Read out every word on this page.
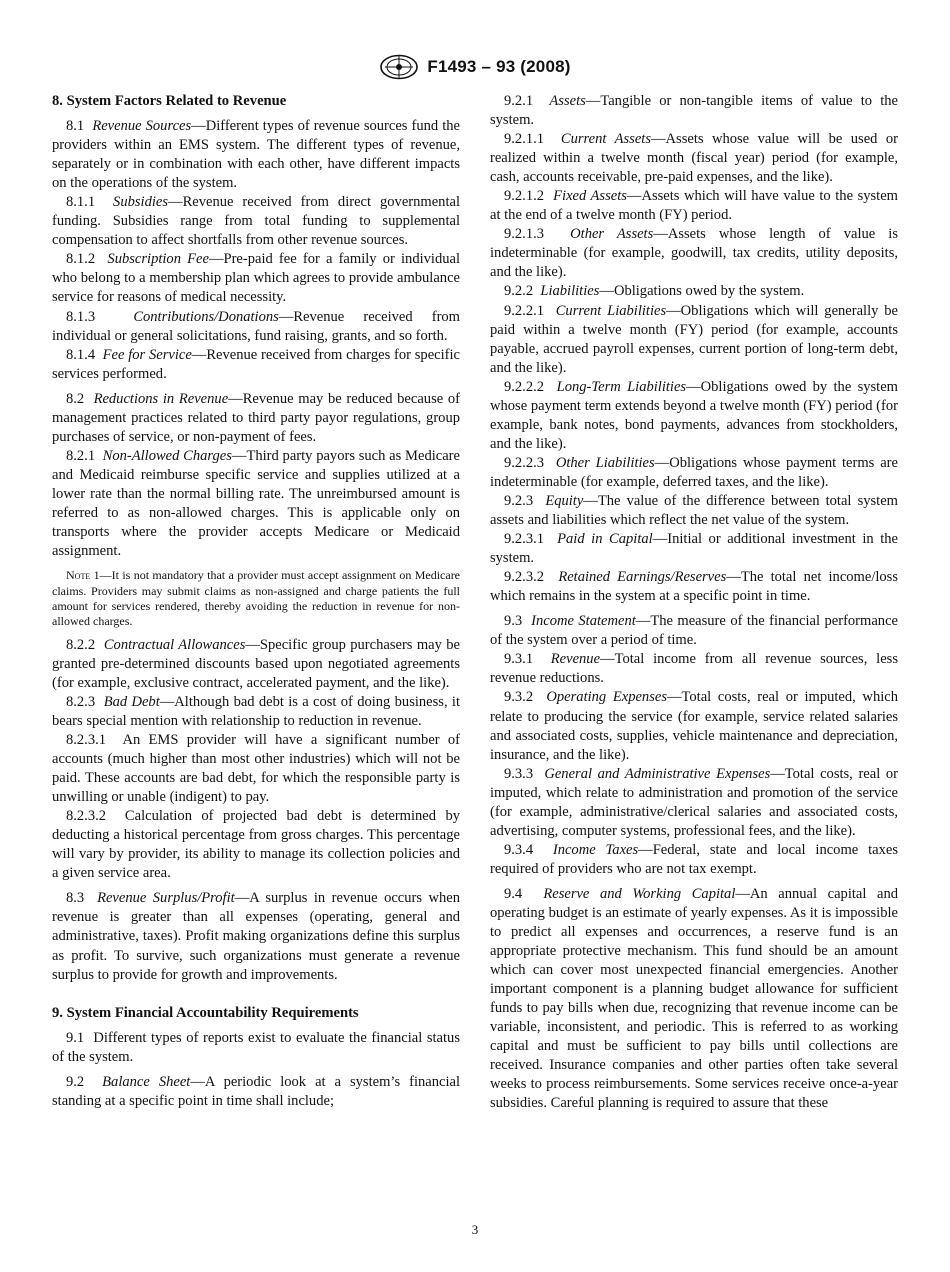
F1493 – 93 (2008)
8. System Factors Related to Revenue

8.1 Revenue Sources—Different types of revenue sources fund the providers within an EMS system. The different types of revenue, separately or in combination with each other, have different impacts on the operations of the system.

8.1.1 Subsidies—Revenue received from direct governmental funding. Subsidies range from total funding to supplemental compensation to affect shortfalls from other revenue sources.

8.1.2 Subscription Fee—Pre-paid fee for a family or individual who belong to a membership plan which agrees to provide ambulance service for reasons of medical necessity.

8.1.3	Contributions/Donations—Revenue received from individual or general solicitations, fund raising, grants, and so forth.

8.1.4 Fee for Service—Revenue received from charges for specific services performed.

8.2 Reductions in Revenue—Revenue may be reduced because of management practices related to third party payor regulations, group purchases of service, or non-payment of fees.

8.2.1 Non-Allowed Charges—Third party payors such as Medicare and Medicaid reimburse specific service and supplies utilized at a lower rate than the normal billing rate. The unreimbursed amount is referred to as non-allowed charges. This is applicable only on transports where the provider accepts Medicare or Medicaid assignment.

Note 1—It is not mandatory that a provider must accept assignment on Medicare claims. Providers may submit claims as non-assigned and charge patients the full amount for services rendered, thereby avoiding the reduction in revenue for non-allowed charges.

8.2.2 Contractual Allowances—Specific group purchasers may be granted pre-determined discounts based upon negotiated agreements (for example, exclusive contract, accelerated payment, and the like).

8.2.3 Bad Debt—Although bad debt is a cost of doing business, it bears special mention with relationship to reduction in revenue.

8.2.3.1 An EMS provider will have a significant number of accounts (much higher than most other industries) which will not be paid. These accounts are bad debt, for which the responsible party is unwilling or unable (indigent) to pay.

8.2.3.2 Calculation of projected bad debt is determined by deducting a historical percentage from gross charges. This percentage will vary by provider, its ability to manage its collection policies and a given service area.

8.3 Revenue Surplus/Profit—A surplus in revenue occurs when revenue is greater than all expenses (operating, general and administrative, taxes). Profit making organizations define this surplus as profit. To survive, such organizations must generate a revenue surplus to provide for growth and improvements.

9. System Financial Accountability Requirements

9.1 Different types of reports exist to evaluate the financial status of the system.

9.2 Balance Sheet—A periodic look at a system’s financial standing at a specific point in time shall include;

9.2.1 Assets—Tangible or non-tangible items of value to the system.

9.2.1.1 Current Assets—Assets whose value will be used or realized within a twelve month (fiscal year) period (for example, cash, accounts receivable, pre-paid expenses, and the like).

9.2.1.2 Fixed Assets—Assets which will have value to the system at the end of a twelve month (FY) period.

9.2.1.3 Other Assets—Assets whose length of value is indeterminable (for example, goodwill, tax credits, utility deposits, and the like).

9.2.2 Liabilities—Obligations owed by the system.

9.2.2.1 Current Liabilities—Obligations which will generally be paid within a twelve month (FY) period (for example, accounts payable, accrued payroll expenses, current portion of long-term debt, and the like).

9.2.2.2 Long-Term Liabilities—Obligations owed by the system whose payment term extends beyond a twelve month (FY) period (for example, bank notes, bond payments, advances from stockholders, and the like).

9.2.2.3 Other Liabilities—Obligations whose payment terms are indeterminable (for example, deferred taxes, and the like).

9.2.3 Equity—The value of the difference between total system assets and liabilities which reflect the net value of the system.

9.2.3.1 Paid in Capital—Initial or additional investment in the system.

9.2.3.2 Retained Earnings/Reserves—The total net income/loss which remains in the system at a specific point in time.

9.3 Income Statement—The measure of the financial performance of the system over a period of time.

9.3.1 Revenue—Total income from all revenue sources, less revenue reductions.

9.3.2 Operating Expenses—Total costs, real or imputed, which relate to producing the service (for example, service related salaries and associated costs, supplies, vehicle maintenance and depreciation, insurance, and the like).

9.3.3 General and Administrative Expenses—Total costs, real or imputed, which relate to administration and promotion of the service (for example, administrative/clerical salaries and associated costs, advertising, computer systems, professional fees, and the like).

9.3.4 Income Taxes—Federal, state and local income taxes required of providers who are not tax exempt.

9.4 Reserve and Working Capital—An annual capital and operating budget is an estimate of yearly expenses. As it is impossible to predict all expenses and occurrences, a reserve fund is an appropriate protective mechanism. This fund should be an amount which can cover most unexpected financial emergencies. Another important component is a planning budget allowance for sufficient funds to pay bills when due, recognizing that revenue income can be variable, inconsistent, and periodic. This is referred to as working capital and must be sufficient to pay bills until collections are received. Insurance companies and other parties often take several weeks to process reimbursements. Some services receive once-a-year subsidies. Careful planning is required to assure that these

3
